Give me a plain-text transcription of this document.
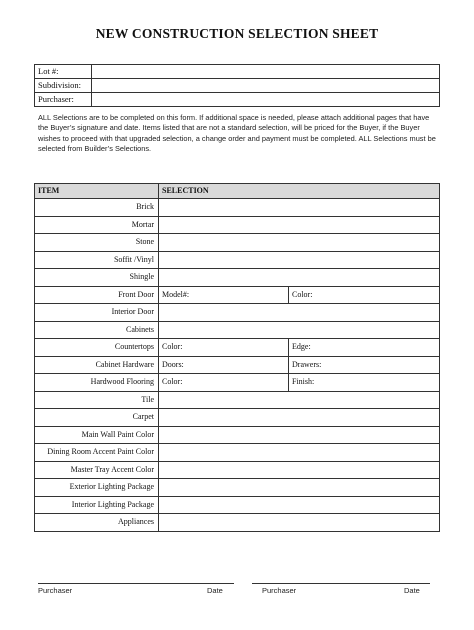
NEW CONSTRUCTION SELECTION SHEET
Lot #:	
Subdivision:	
Purchaser:	
ALL Selections are to be completed on this form. If additional space is needed, please attach additional pages that have the Buyer’s signature and date. Items listed that are not a standard selection, will be priced for the Buyer, if the Buyer wishes to proceed with that upgraded selection, a change order and payment must be completed. ALL Selections must be selected from Builder’s Selections.
ITEM	SELECTION	
Brick		
Mortar		
Stone		
Soffit /Vinyl		
Shingle		
Front Door	Model#:	Color:
Interior Door		
Cabinets		
Countertops	Color:	Edge:
Cabinet Hardware	Doors:	Drawers:
Hardwood Flooring	Color:	Finish:
Tile		
Carpet		
Main Wall Paint Color		
Dining Room Accent Paint Color		
Master Tray Accent Color		
Exterior Lighting Package		
Interior Lighting Package		
Appliances		
Purchaser	Date	Purchaser	Date
